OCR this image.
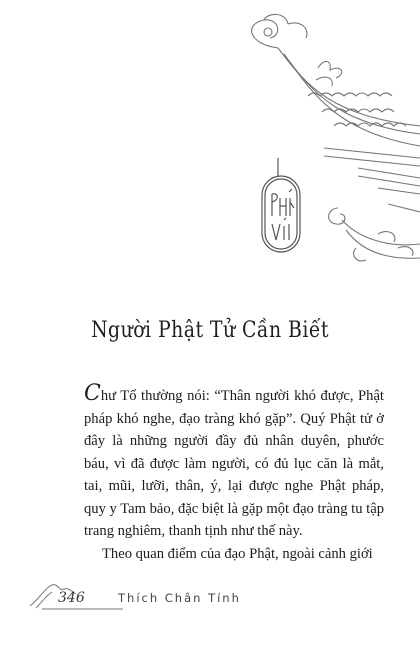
Người Phật Tử Cần Biết

Chư Tổ thường nói: “Thân người khó được, Phật pháp khó nghe, đạo tràng khó gặp”. Quý Phật tử ở đây là những người đầy đủ nhân duyên, phước báu, vì đã được làm người, có đủ lục căn là mắt, tai, mũi, lưỡi, thân, ý, lại được nghe Phật pháp, quy y Tam bảo, đặc biệt là gặp một đạo tràng tu tập trang nghiêm, thanh tịnh như thế này.

Theo quan điểm của đạo Phật, ngoài cảnh giới

346	Thích Chân Tính
